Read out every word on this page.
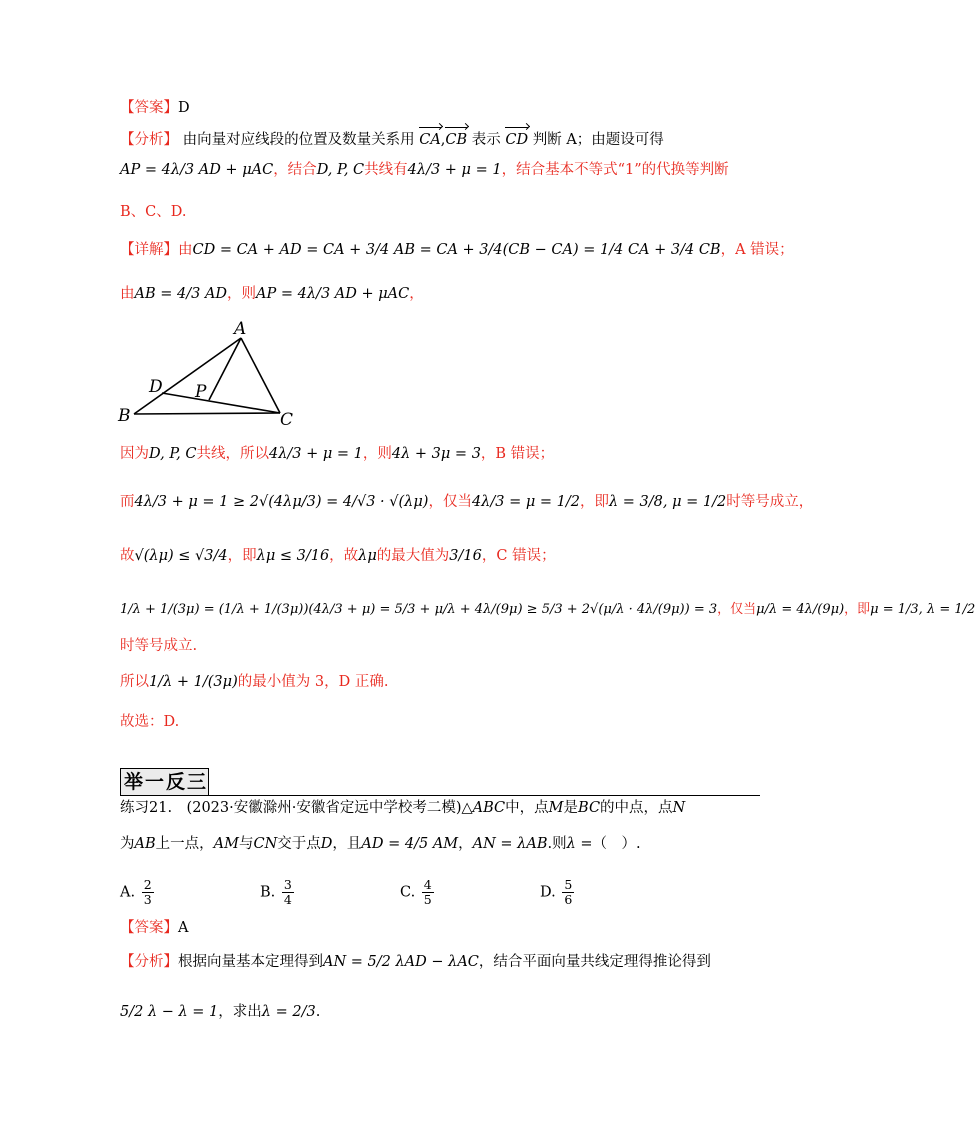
【答案】D
【分析】 由向量对应线段的位置及数量关系用 CA,CB 表示 CD 判断 A；由题设可得
AP = 4λ/3 AD + μAC，结合D, P, C共线有4λ/3 + μ = 1，结合基本不等式“1”的代换等判断
B、C、D.
【详解】由CD = CA + AD = CA + 3/4 AB = CA + 3/4(CB − CA) = 1/4 CA + 3/4 CB，A 错误；
由AB = 4/3 AD，则AP = 4λ/3 AD + μAC，
A
B	C
D P
因为D, P, C共线，所以4λ/3 + μ = 1，则4λ + 3μ = 3，B 错误；
而4λ/3 + μ = 1 ≥ 2√(4λμ/3) = 4/√3 · √(λμ)，仅当4λ/3 = μ = 1/2，即λ = 3/8, μ = 1/2时等号成立，
故√(λμ) ≤ √3/4，即λμ ≤ 3/16，故λμ的最大值为3/16，C 错误；
1/λ + 1/(3μ) = (1/λ + 1/(3μ))(4λ/3 + μ) = 5/3 + μ/λ + 4λ/(9μ) ≥ 5/3 + 2√(μ/λ · 4λ/(9μ)) = 3，仅当μ/λ = 4λ/(9μ)，即μ = 1/3, λ = 1/2
时等号成立.
所以1/λ + 1/(3μ)的最小值为 3，D 正确.
故选：D.
举一反三
练习21.　(2023·安徽滁州·安徽省定远中学校考二模)△ABC中，点M是BC的中点，点N
为AB上一点，AM与CN交于点D，且AD = 4/5 AM，AN = λAB.则λ =（　）.
A. $\frac{2}{3}$	B. $\frac{3}{4}$	C. $\frac{4}{5}$	D. $\frac{5}{6}$
【答案】A
【分析】根据向量基本定理得到AN = 5/2 λAD − λAC，结合平面向量共线定理得推论得到
5/2 λ − λ = 1，求出λ = 2/3.
